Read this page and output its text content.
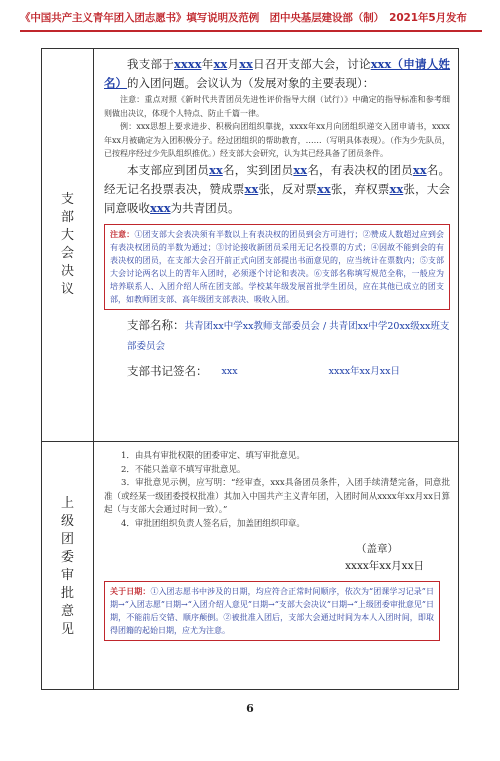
《中国共产主义青年团入团志愿书》填写说明及范例　团中央基层建设部（制）　2021年5月发布
支
部
大
会
决
议
上
级
团
委
审
批
意
见

我支部于xxxx年xx月xx日召开支部大会，讨论xxx（申请人姓名）的入团问题。会议认为（发展对象的主要表现）：

注意：重点对照《新时代共青团员先进性评价指导大纲（试行）》中确定的指导标准和参考细则做出决议，体现个人特点、防止千篇一律。

例：xxx思想上要求进步、积极向团组织靠拢，xxxx年xx月向团组织递交入团申请书，xxxx年xx月被确定为入团积极分子。经过团组织的帮助教育，……（写明具体表现）。（作为少先队员，已按程序经过少先队组织推优。）经支部大会研究，认为其已经具备了团员条件。

本支部应到团员xx名，实到团员xx名，有表决权的团员xx名。经无记名投票表决，赞成票xx张，反对票xx张，弃权票xx张，大会同意吸收xxx为共青团员。

注意：①团支部大会表决须有半数以上有表决权的团员到会方可进行；②赞成人数超过应到会有表决权团员的半数为通过；③讨论接收新团员采用无记名投票的方式；④因故不能到会的有表决权的团员，在支部大会召开前正式向团支部提出书面意见的，应当统计在票数内；⑤支部大会讨论两名以上的青年入团时，必须逐个讨论和表决。⑥支部名称填写规范全称，一般应为培养联系人、入团介绍人所在团支部。学校某年级发展首批学生团员，应在其他已成立的团支部，如教师团支部、高年级团支部表决、吸收入团。
支部名称：共青团xx中学xx教师支部委员会 / 共青团xx中学20xx级xx班支部委员会
支部书记签名： xxx	xxxx年xx月xx日

1．由具有审批权限的团委审定、填写审批意见。

2．不能只盖章不填写审批意见。

3．审批意见示例，应写明：“经审查，xxx具备团员条件，入团手续清楚完备，同意批准（或经某一级团委授权批准）其加入中国共产主义青年团，入团时间从xxxx年xx月xx日算起（与支部大会通过时间一致）。”

4．审批团组织负责人签名后，加盖团组织印章。

（盖章）
xxxx年xx月xx日
关于日期：①入团志愿书中涉及的日期，均应符合正常时间顺序，依次为“团课学习记录”日期→“入团志愿”日期→“入团介绍人意见”日期→“支部大会决议”日期→“上级团委审批意见”日期，不能前后交错、顺序颠倒。②被批准入团后，支部大会通过时间为本人入团时间，即取得团籍的起始日期，应尤为注意。
6
